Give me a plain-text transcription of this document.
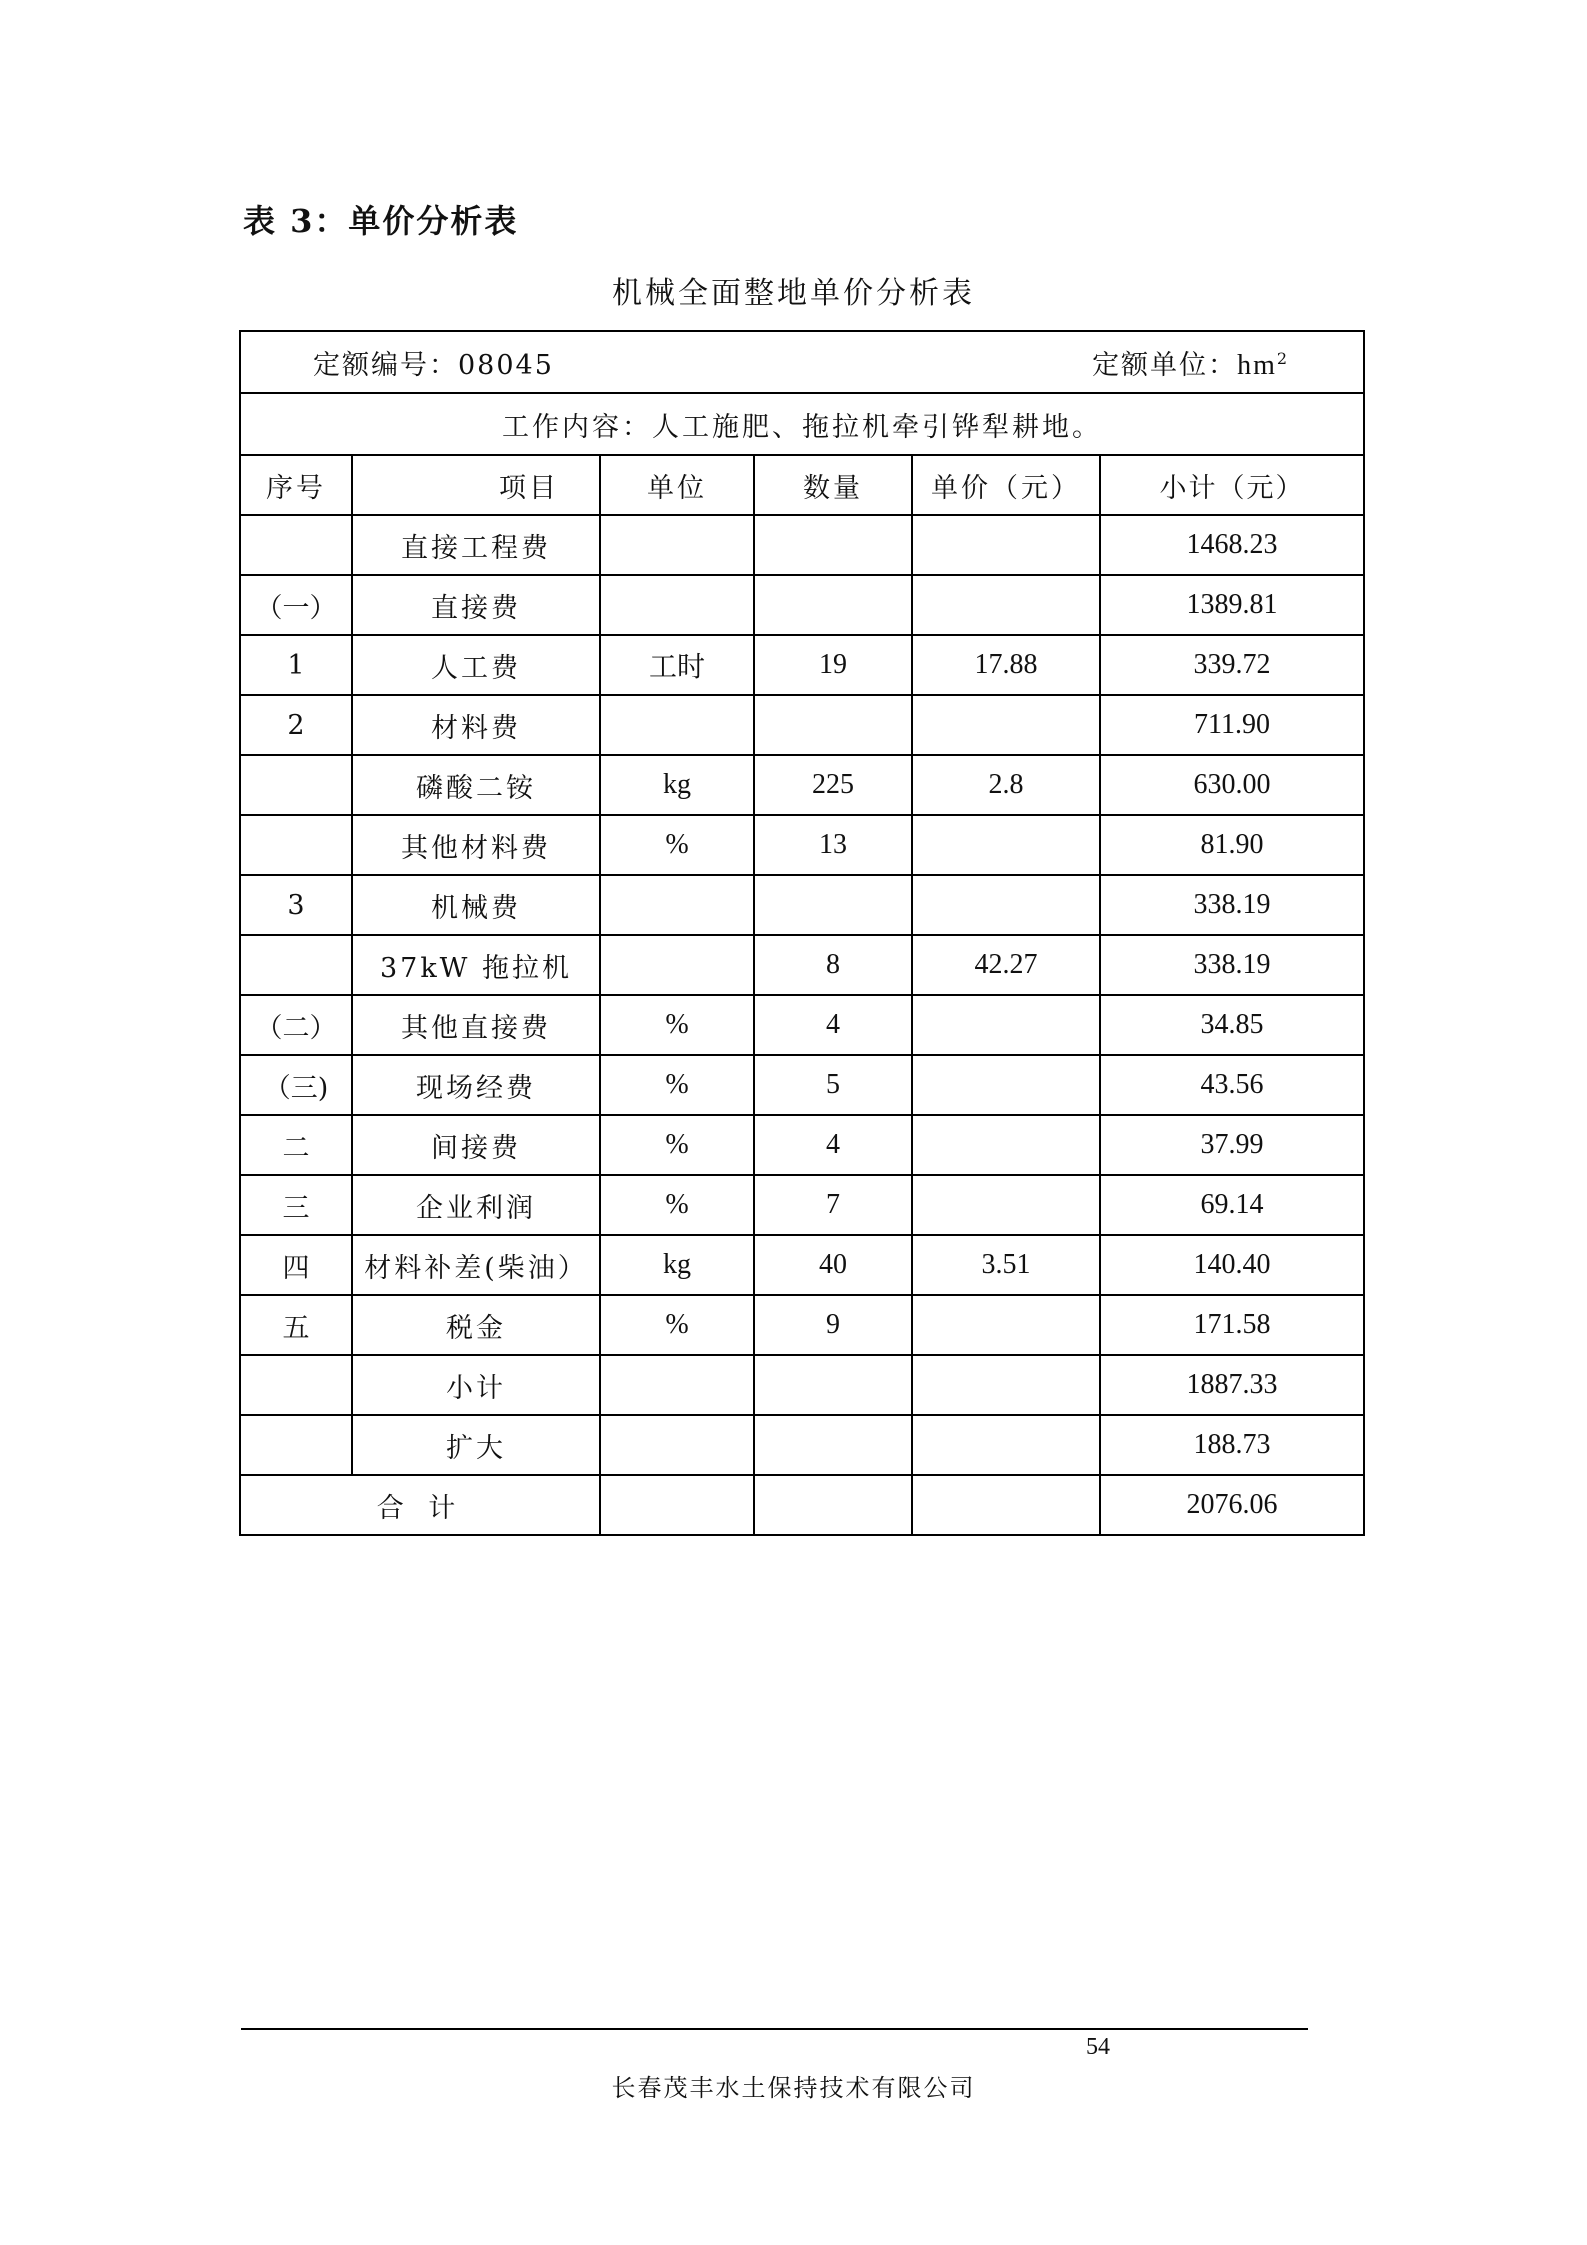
表 3：单价分析表
机械全面整地单价分析表
定额编号：08045 定额单位：$hm^2$

工作内容：人工施肥、拖拉机牵引铧犁耕地。					
序号	项目	单位	数量	单价（元）	小计（元）
	直接工程费				1468.23
（一）	直接费				1389.81
1	人工费	工时	19	17.88	339.72
2	材料费				711.90
	磷酸二铵	kg	225	2.8	630.00
	其他材料费	%	13		81.90
3	机械费				338.19
	37kW 拖拉机		8	42.27	338.19
（二）	其他直接费	%	4		34.85
（三)	现场经费	%	5		43.56
二	间接费	%	4		37.99
三	企业利润	%	7		69.14
四	材料补差(柴油）	kg	40	3.51	140.40
五	税金	%	9		171.58
	小计				1887.33
	扩大				188.73
合 计					2076.06
54
长春茂丰水土保持技术有限公司
